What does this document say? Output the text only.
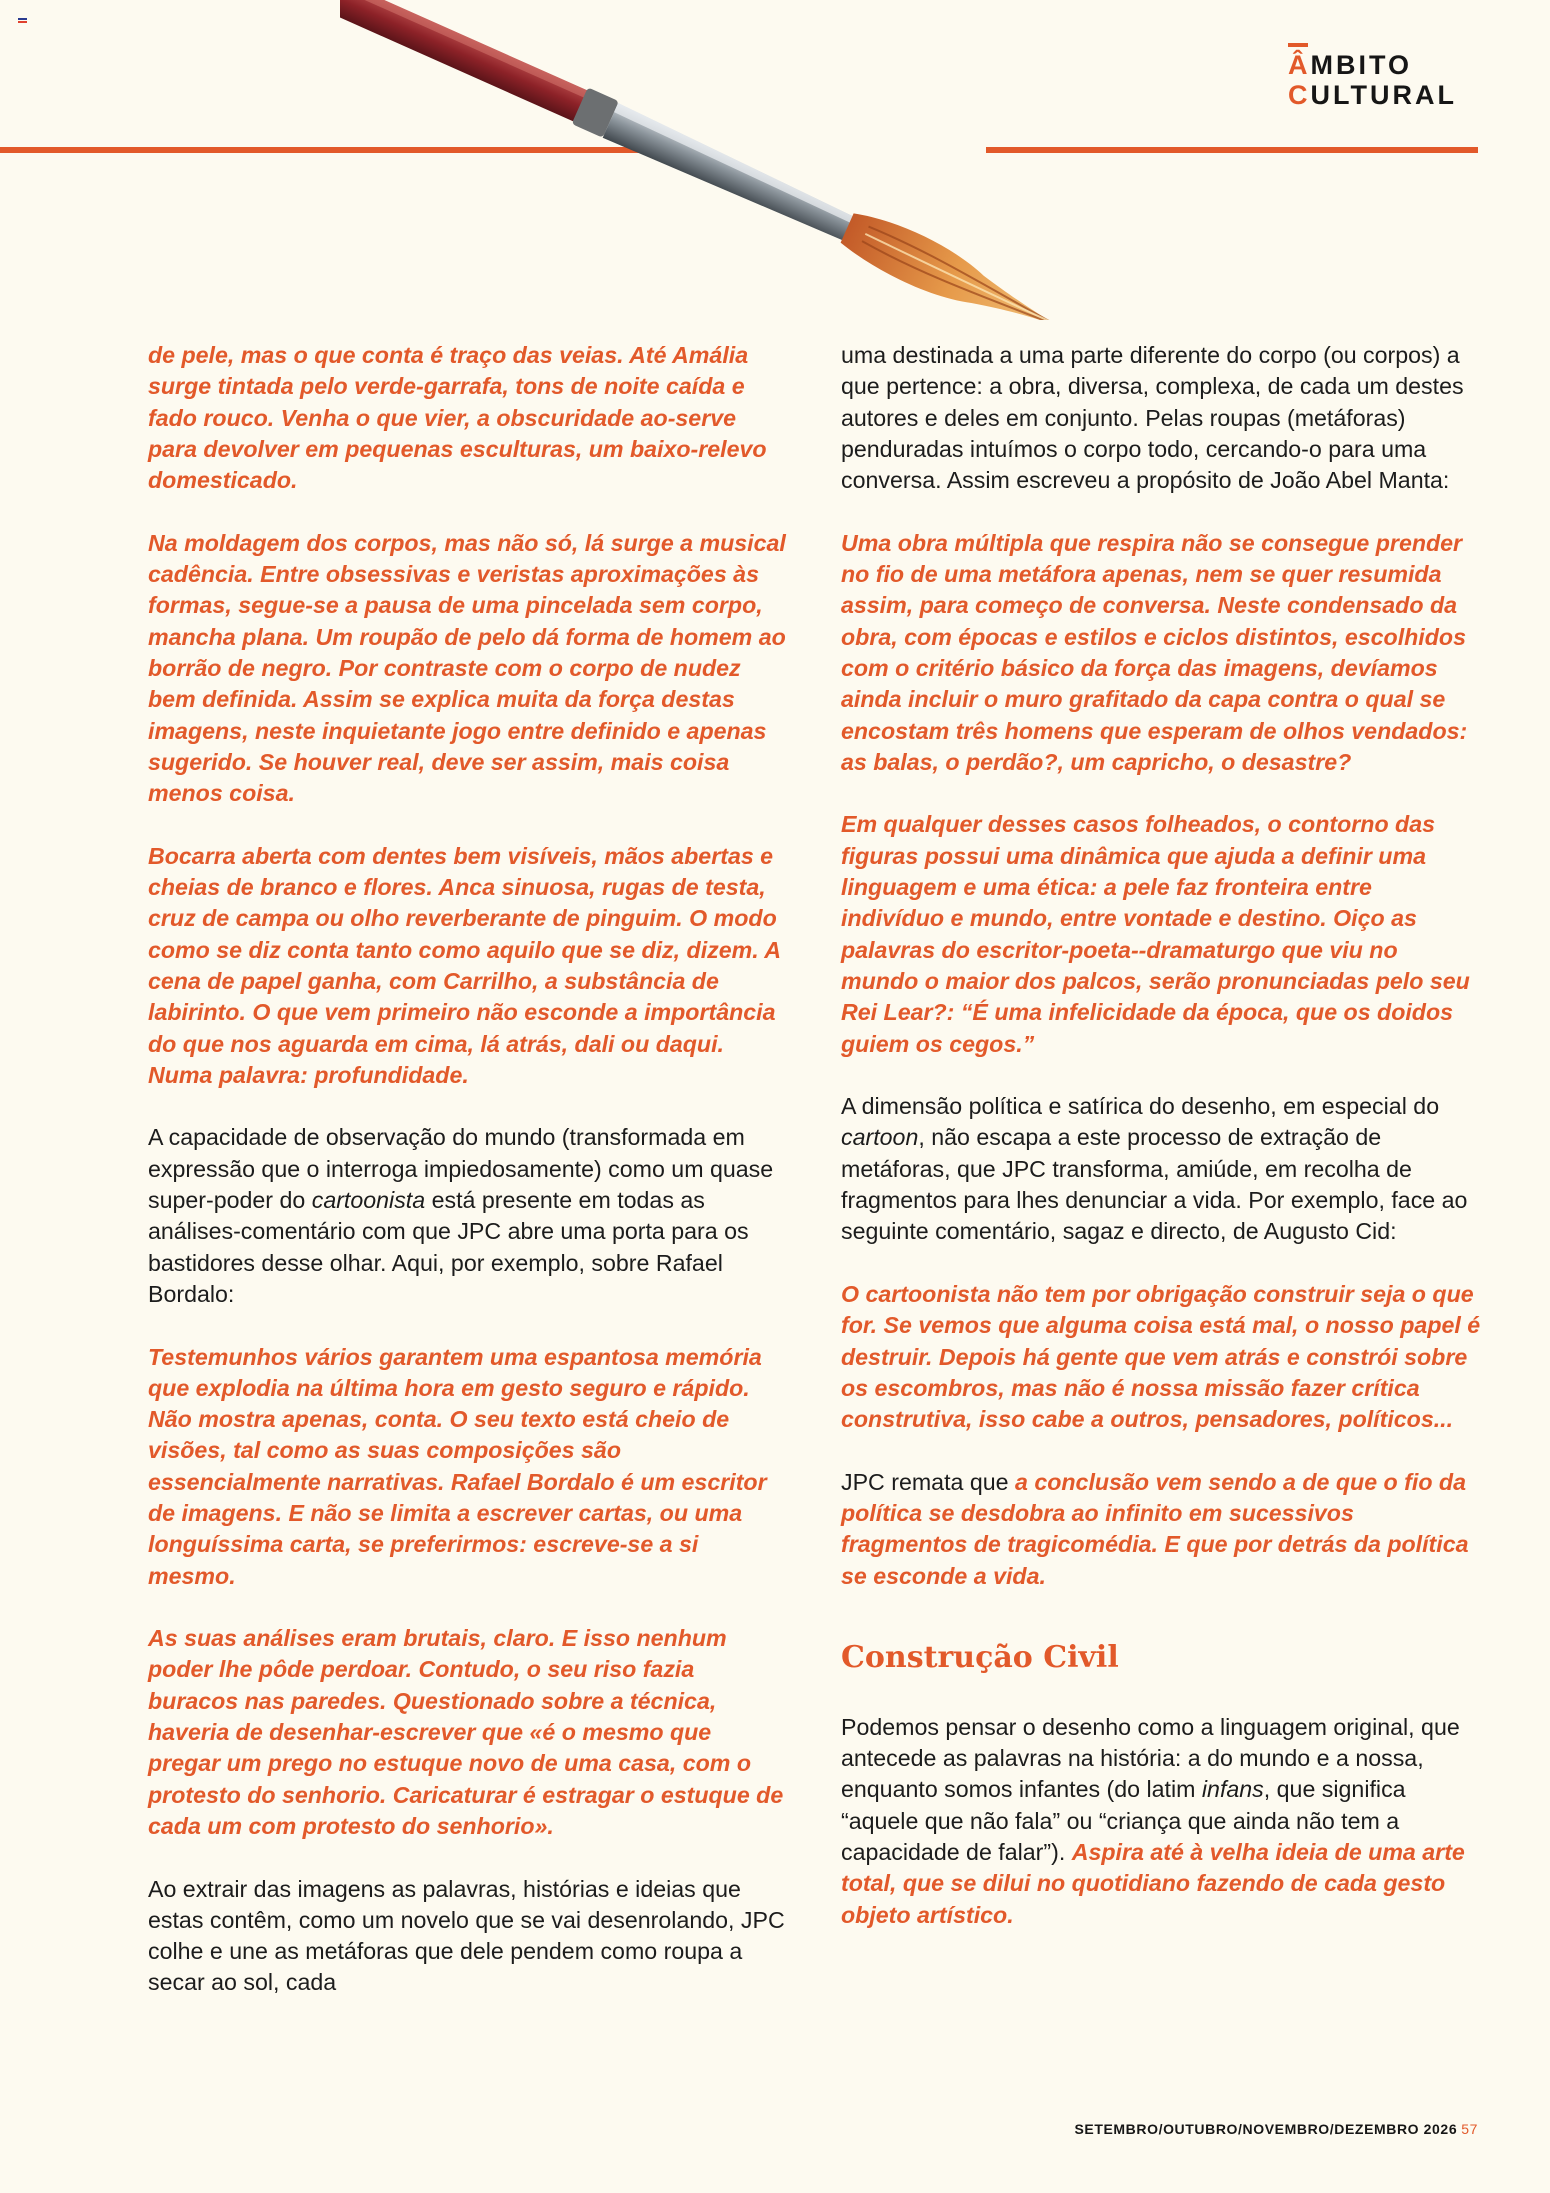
ÂMBITO
CULTURAL

de pele, mas o que conta é traço das veias. Até Amália surge tintada pelo verde-garrafa, tons de noite caída e fado rouco. Venha o que vier, a obscuridade ao-serve para devolver em pequenas esculturas, um baixo-relevo domesticado.

Na moldagem dos corpos, mas não só, lá surge a musical cadência. Entre obsessivas e veristas aproximações às formas, segue-se a pausa de uma pincelada sem corpo, mancha plana. Um roupão de pelo dá forma de homem ao borrão de negro. Por contraste com o corpo de nudez bem definida. Assim se explica muita da força destas imagens, neste inquietante jogo entre definido e apenas sugerido. Se houver real, deve ser assim, mais coisa menos coisa.

Bocarra aberta com dentes bem visíveis, mãos abertas e cheias de branco e flores. Anca sinuosa, rugas de testa, cruz de campa ou olho reverberante de pinguim. O modo como se diz conta tanto como aquilo que se diz, dizem. A cena de papel ganha, com Carrilho, a substância de labirinto. O que vem primeiro não esconde a importância do que nos aguarda em cima, lá atrás, dali ou daqui. Numa palavra: profundidade.

A capacidade de observação do mundo (transformada em expressão que o interroga impiedosamente) como um quase super-poder do cartoonista está presente em todas as análises-comentário com que JPC abre uma porta para os bastidores desse olhar. Aqui, por exemplo, sobre Rafael Bordalo:

Testemunhos vários garantem uma espantosa memória que explodia na última hora em gesto seguro e rápido. Não mostra apenas, conta. O seu texto está cheio de visões, tal como as suas composições são essencialmente narrativas. Rafael Bordalo é um escritor de imagens. E não se limita a escrever cartas, ou uma longuíssima carta, se preferirmos: escreve-se a si mesmo.

As suas análises eram brutais, claro. E isso nenhum poder lhe pôde perdoar. Contudo, o seu riso fazia buracos nas paredes. Questionado sobre a técnica, haveria de desenhar-escrever que «é o mesmo que pregar um prego no estuque novo de uma casa, com o protesto do senhorio. Caricaturar é estragar o estuque de cada um com protesto do senhorio».

Ao extrair das imagens as palavras, histórias e ideias que estas contêm, como um novelo que se vai desenrolando, JPC colhe e une as metáforas que dele pendem como roupa a secar ao sol, cada

uma destinada a uma parte diferente do corpo (ou corpos) a que pertence: a obra, diversa, complexa, de cada um destes autores e deles em conjunto. Pelas roupas (metáforas) penduradas intuímos o corpo todo, cercando-o para uma conversa. Assim escreveu a propósito de João Abel Manta:

Uma obra múltipla que respira não se consegue prender no fio de uma metáfora apenas, nem se quer resumida assim, para começo de conversa. Neste condensado da obra, com épocas e estilos e ciclos distintos, escolhidos com o critério básico da força das imagens, devíamos ainda incluir o muro grafitado da capa contra o qual se encostam três homens que esperam de olhos vendados: as balas, o perdão?, um capricho, o desastre?

Em qualquer desses casos folheados, o contorno das figuras possui uma dinâmica que ajuda a definir uma linguagem e uma ética: a pele faz fronteira entre indivíduo e mundo, entre vontade e destino. Oiço as palavras do escritor-poeta--dramaturgo que viu no mundo o maior dos palcos, serão pronunciadas pelo seu Rei Lear?: “É uma infelicidade da época, que os doidos guiem os cegos.”

A dimensão política e satírica do desenho, em especial do cartoon, não escapa a este processo de extração de metáforas, que JPC transforma, amiúde, em recolha de fragmentos para lhes denunciar a vida. Por exemplo, face ao seguinte comentário, sagaz e directo, de Augusto Cid:

O cartoonista não tem por obrigação construir seja o que for. Se vemos que alguma coisa está mal, o nosso papel é destruir. Depois há gente que vem atrás e constrói sobre os escombros, mas não é nossa missão fazer crítica construtiva, isso cabe a outros, pensadores, políticos...

JPC remata que a conclusão vem sendo a de que o fio da política se desdobra ao infinito em sucessivos fragmentos de tragicomédia. E que por detrás da política se esconde a vida.

Construção Civil

Podemos pensar o desenho como a linguagem original, que antecede as palavras na história: a do mundo e a nossa, enquanto somos infantes (do latim infans, que significa “aquele que não fala” ou “criança que ainda não tem a capacidade de falar”). Aspira até à velha ideia de uma arte total, que se dilui no quotidiano fazendo de cada gesto objeto artístico.

SETEMBRO/OUTUBRO/NOVEMBRO/DEZEMBRO 2026 57
